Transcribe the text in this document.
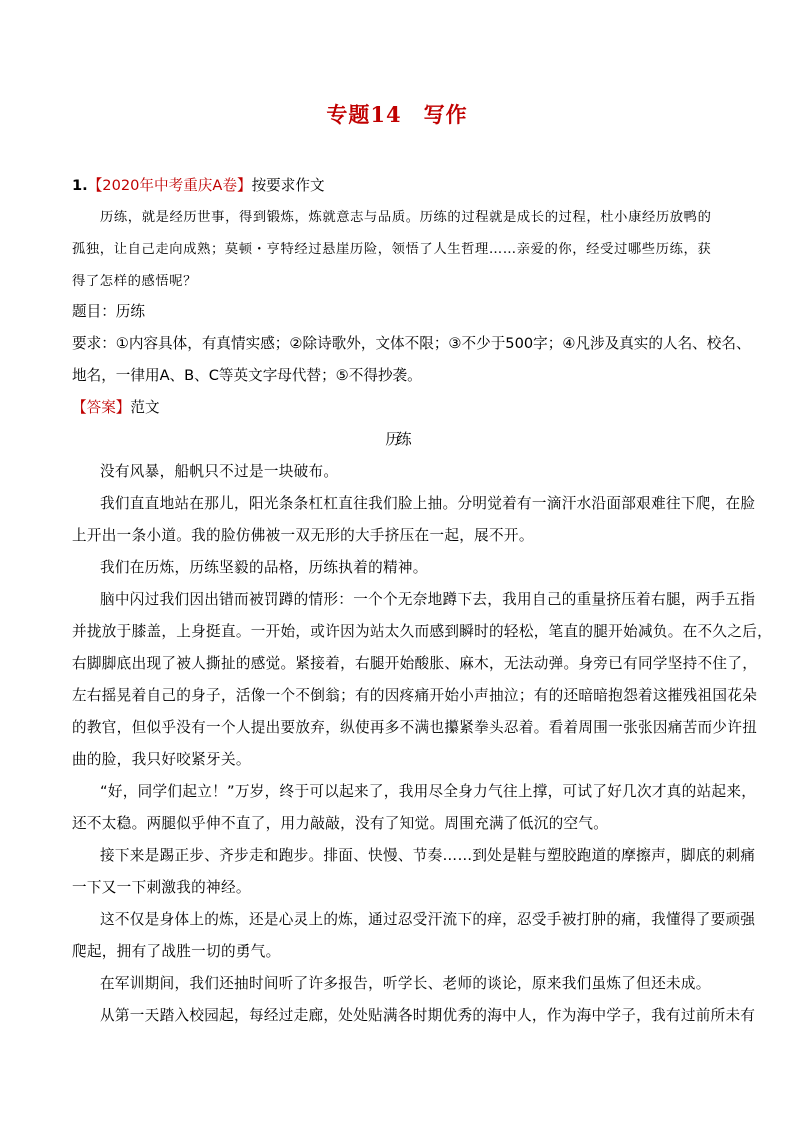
专题14 写作
1.【2020年中考重庆A卷】按要求作文
历练，就是经历世事，得到锻炼，炼就意志与品质。历练的过程就是成长的过程，杜小康经历放鸭的
孤独，让自己走向成熟；莫顿・亨特经过悬崖历险，领悟了人生哲理……亲爱的你，经受过哪些历练，获
得了怎样的感悟呢？
题目：历练
要求：①内容具体，有真情实感；②除诗歌外，文体不限；③不少于500字；④凡涉及真实的人名、校名、
地名，一律用A、B、C等英文字母代替；⑤不得抄袭。
【答案】范文
历练
没有风暴，船帆只不过是一块破布。
我们直直地站在那儿，阳光条条杠杠直往我们脸上抽。分明觉着有一滴汗水沿面部艰难往下爬，在脸
上开出一条小道。我的脸仿佛被一双无形的大手挤压在一起，展不开。
我们在历炼，历练坚毅的品格，历练执着的精神。
脑中闪过我们因出错而被罚蹲的情形：一个个无奈地蹲下去，我用自己的重量挤压着右腿，两手五指
并拢放于膝盖，上身挺直。一开始，或许因为站太久而感到瞬时的轻松，笔直的腿开始减负。在不久之后，
右脚脚底出现了被人撕扯的感觉。紧接着，右腿开始酸胀、麻木，无法动弹。身旁已有同学坚持不住了，
左右摇晃着自己的身子，活像一个不倒翁；有的因疼痛开始小声抽泣；有的还暗暗抱怨着这摧残祖国花朵
的教官，但似乎没有一个人提出要放弃，纵使再多不满也攥紧拳头忍着。看着周围一张张因痛苦而少许扭
曲的脸，我只好咬紧牙关。
“好，同学们起立！”万岁，终于可以起来了，我用尽全身力气往上撑，可试了好几次才真的站起来，
还不太稳。两腿似乎伸不直了，用力敲敲，没有了知觉。周围充满了低沉的空气。
接下来是踢正步、齐步走和跑步。排面、快慢、节奏……到处是鞋与塑胶跑道的摩擦声，脚底的刺痛
一下又一下刺激我的神经。
这不仅是身体上的炼，还是心灵上的炼，通过忍受汗流下的痒，忍受手被打肿的痛，我懂得了要顽强
爬起，拥有了战胜一切的勇气。
在军训期间，我们还抽时间听了许多报告，听学长、老师的谈论，原来我们虽炼了但还未成。
从第一天踏入校园起，每经过走廊，处处贴满各时期优秀的海中人，作为海中学子，我有过前所未有
